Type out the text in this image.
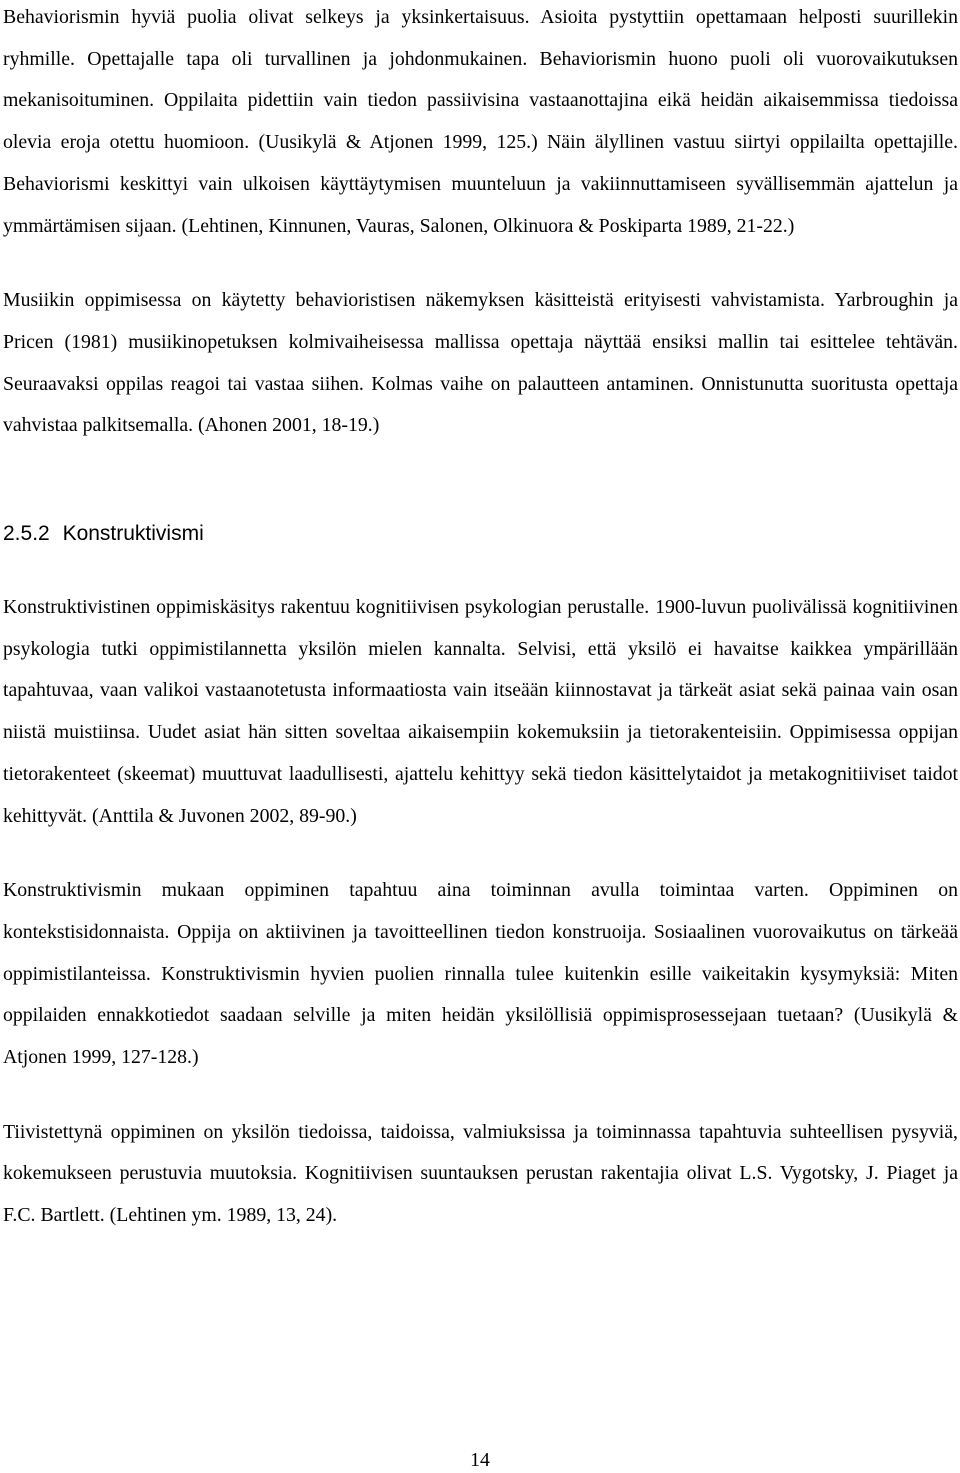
Behaviorismin hyviä puolia olivat selkeys ja yksinkertaisuus. Asioita pystyttiin opettamaan helposti suurillekin ryhmille. Opettajalle tapa oli turvallinen ja johdonmukainen. Behaviorismin huono puoli oli vuorovaikutuksen mekanisoituminen. Oppilaita pidettiin vain tiedon passiivisina vastaanottajina eikä heidän aikaisemmissa tiedoissa olevia eroja otettu huomioon. (Uusikylä & Atjonen 1999, 125.) Näin älyllinen vastuu siirtyi oppilailta opettajille. Behaviorismi keskittyi vain ulkoisen käyttäytymisen muunteluun ja vakiinnuttamiseen syvällisemmän ajattelun ja ymmärtämisen sijaan. (Lehtinen, Kinnunen, Vauras, Salonen, Olkinuora & Poskiparta 1989, 21-22.)

Musiikin oppimisessa on käytetty behavioristisen näkemyksen käsitteistä erityisesti vahvistamista. Yarbroughin ja Pricen (1981) musiikinopetuksen kolmivaiheisessa mallissa opettaja näyttää ensiksi mallin tai esittelee tehtävän. Seuraavaksi oppilas reagoi tai vastaa siihen. Kolmas vaihe on palautteen antaminen. Onnistunutta suoritusta opettaja vahvistaa palkitsemalla. (Ahonen 2001, 18-19.)

2.5.2 Konstruktivismi

Konstruktivistinen oppimiskäsitys rakentuu kognitiivisen psykologian perustalle. 1900-luvun puolivälissä kognitiivinen psykologia tutki oppimistilannetta yksilön mielen kannalta. Selvisi, että yksilö ei havaitse kaikkea ympärillään tapahtuvaa, vaan valikoi vastaanotetusta informaatiosta vain itseään kiinnostavat ja tärkeät asiat sekä painaa vain osan niistä muistiinsa. Uudet asiat hän sitten soveltaa aikaisempiin kokemuksiin ja tietorakenteisiin. Oppimisessa oppijan tietorakenteet (skeemat) muuttuvat laadullisesti, ajattelu kehittyy sekä tiedon käsittelytaidot ja metakognitiiviset taidot kehittyvät. (Anttila & Juvonen 2002, 89-90.)

Konstruktivismin mukaan oppiminen tapahtuu aina toiminnan avulla toimintaa varten. Oppiminen on kontekstisidonnaista. Oppija on aktiivinen ja tavoitteellinen tiedon konstruoija. Sosiaalinen vuorovaikutus on tärkeää oppimistilanteissa. Konstruktivismin hyvien puolien rinnalla tulee kuitenkin esille vaikeitakin kysymyksiä: Miten oppilaiden ennakkotiedot saadaan selville ja miten heidän yksilöllisiä oppimisprosessejaan tuetaan? (Uusikylä & Atjonen 1999, 127-128.)

Tiivistettynä oppiminen on yksilön tiedoissa, taidoissa, valmiuksissa ja toiminnassa tapahtuvia suhteellisen pysyviä, kokemukseen perustuvia muutoksia. Kognitiivisen suuntauksen perustan rakentajia olivat L.S. Vygotsky, J. Piaget ja F.C. Bartlett. (Lehtinen ym. 1989, 13, 24).

14
